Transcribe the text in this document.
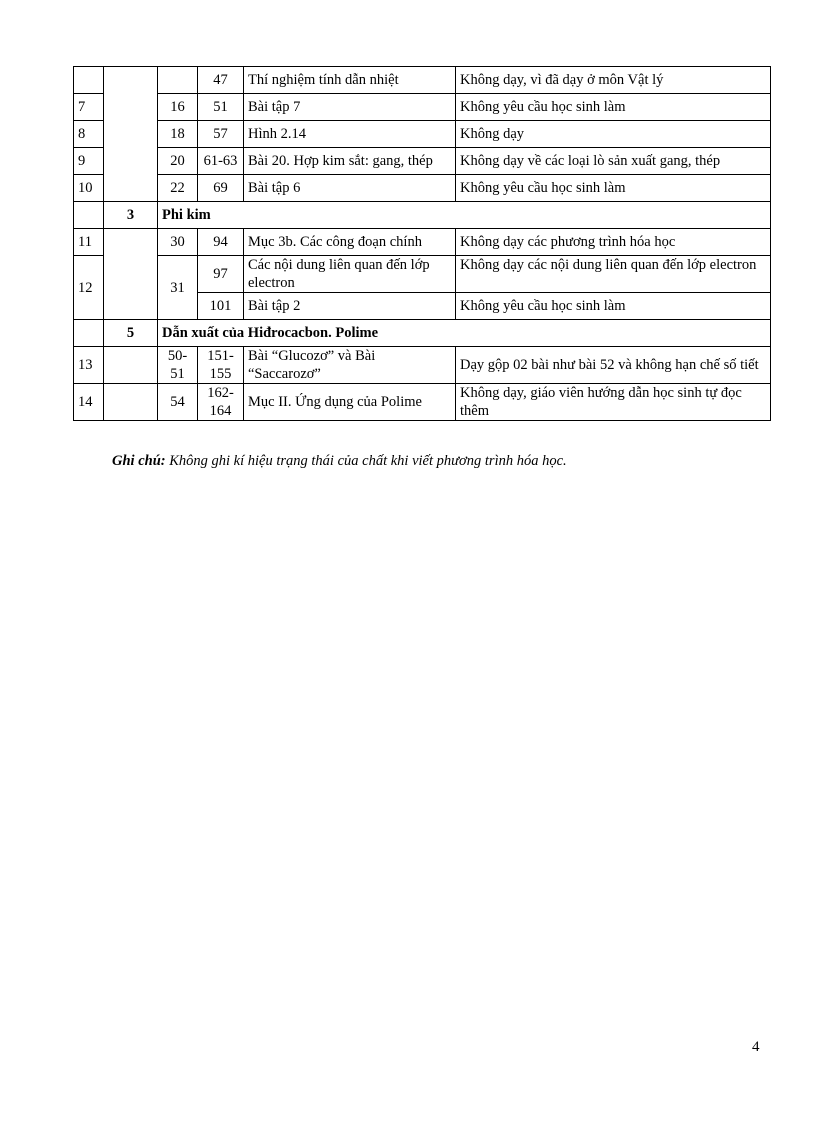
			47	Thí nghiệm tính dẫn nhiệt	Không dạy, vì đã dạy ở môn Vật lý
7		16	51	Bài tập 7	Không yêu cầu học sinh làm
8		18	57	Hình 2.14	Không dạy
9		20	61-63	Bài 20. Hợp kim sắt: gang, thép	Không dạy về các loại lò sản xuất gang, thép
10		22	69	Bài tập 6	Không yêu cầu học sinh làm
	3	Phi kim			
11		30	94	Mục 3b. Các công đoạn chính	Không dạy các phương trình hóa học
12		31	97	Các nội dung liên quan đến lớp electron	Không dạy các nội dung liên quan đến lớp electron
			101	Bài tập 2	Không yêu cầu học sinh làm
	5	Dẫn xuất của Hiđrocacbon. Polime			
13		50-51	151-155	Bài “Glucozơ” và Bài “Saccarozơ”	Dạy gộp 02 bài như bài 52 và không hạn chế số tiết
14		54	162-164	Mục II. Ứng dụng của Polime	Không dạy, giáo viên hướng dẫn học sinh tự đọc thêm
Ghi chú: Không ghi kí hiệu trạng thái của chất khi viết phương trình hóa học.
4
